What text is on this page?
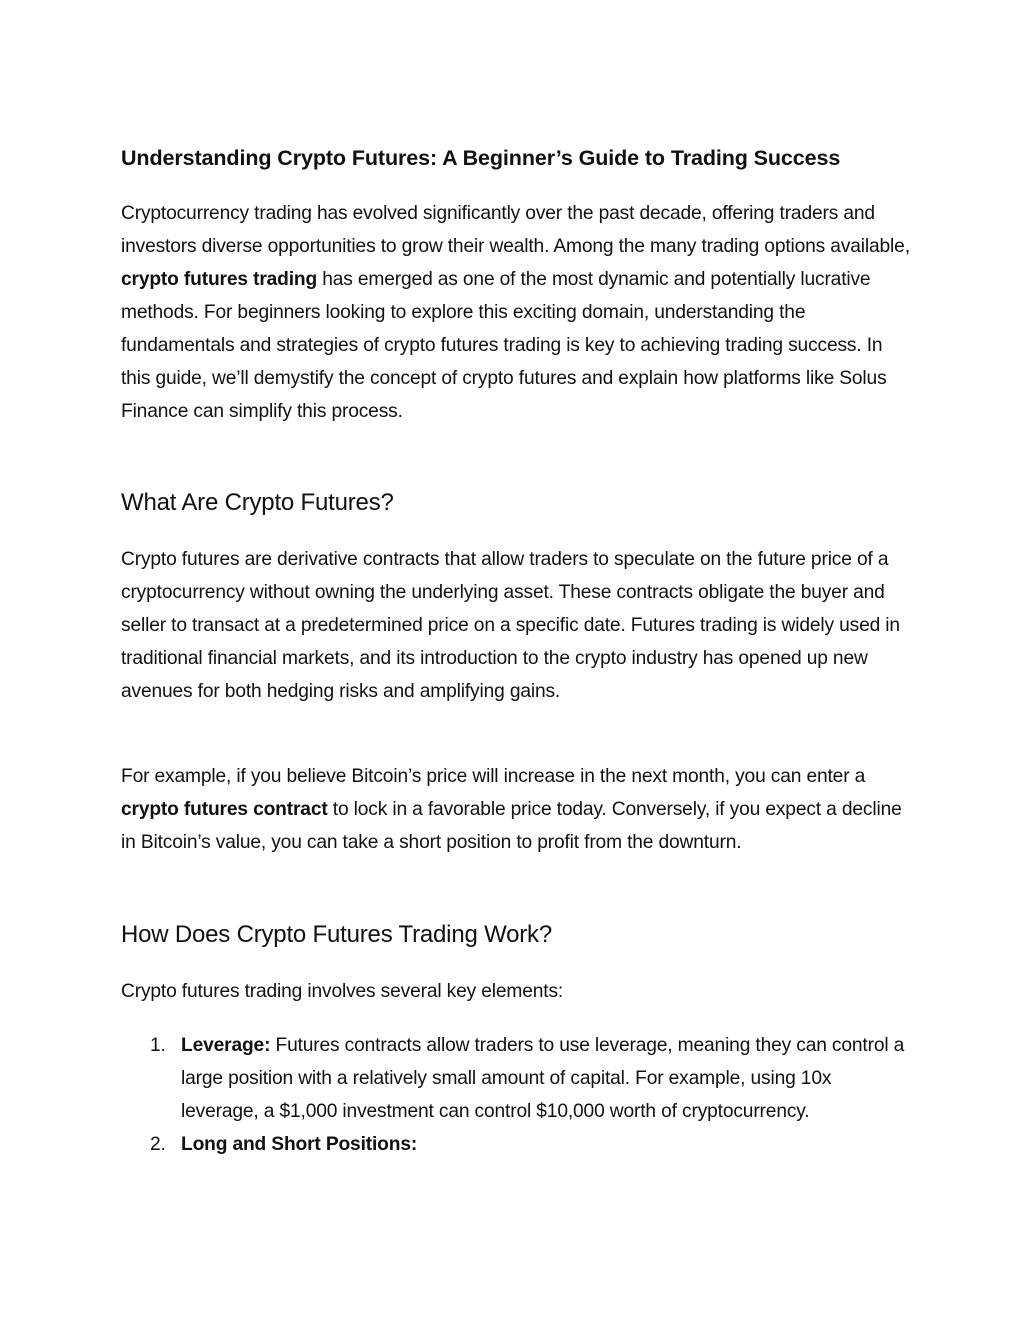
Understanding Crypto Futures: A Beginner’s Guide to Trading Success

Cryptocurrency trading has evolved significantly over the past decade, offering traders and investors diverse opportunities to grow their wealth. Among the many trading options available, crypto futures trading has emerged as one of the most dynamic and potentially lucrative methods. For beginners looking to explore this exciting domain, understanding the fundamentals and strategies of crypto futures trading is key to achieving trading success. In this guide, we’ll demystify the concept of crypto futures and explain how platforms like Solus Finance can simplify this process.

What Are Crypto Futures?

Crypto futures are derivative contracts that allow traders to speculate on the future price of a cryptocurrency without owning the underlying asset. These contracts obligate the buyer and seller to transact at a predetermined price on a specific date. Futures trading is widely used in traditional financial markets, and its introduction to the crypto industry has opened up new avenues for both hedging risks and amplifying gains.

For example, if you believe Bitcoin’s price will increase in the next month, you can enter a crypto futures contract to lock in a favorable price today. Conversely, if you expect a decline in Bitcoin’s value, you can take a short position to profit from the downturn.

How Does Crypto Futures Trading Work?

Crypto futures trading involves several key elements:

1. Leverage: Futures contracts allow traders to use leverage, meaning they can control a large position with a relatively small amount of capital. For example, using 10x leverage, a $1,000 investment can control $10,000 worth of cryptocurrency.
2. Long and Short Positions:
